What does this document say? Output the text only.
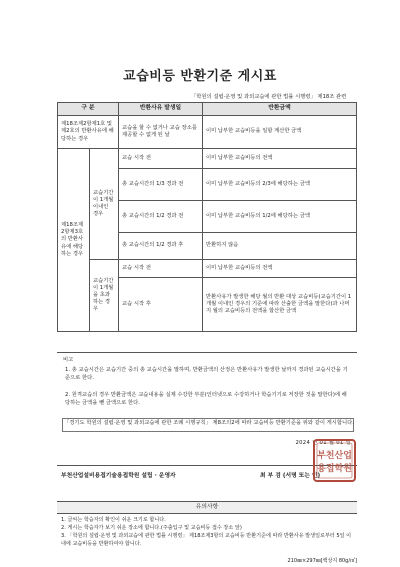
교습비등 반환기준 게시표
「학원의 설립·운영 및 과외교습에 관한 법률 시행령」 제18조 관련
구 분		반환사유 발생일	반환금액
제18조제2항제1호 및 제2호의 반환사유에 해당하는 경우		교습을 할 수 없거나 교습 장소를 제공할 수 없게 된 날	이미 납부한 교습비등을 일할 계산한 금액
제18조제2항제3호의 반환사유에 해당하는 경우	교습기간이 1개월 이내인 경우	교습 시작 전	이미 납부한 교습비등의 전액
		총 교습시간의 1/3 경과 전	이미 납부한 교습비등의 2/3에 해당하는 금액
		총 교습시간의 1/2 경과 전	이미 납부한 교습비등의 1/2에 해당하는 금액
		총 교습시간의 1/2 경과 후	반환하지 않음
	교습기간이 1개월을 초과하는 경우	교습 시작 전	이미 납부한 교습비등의 전액
		교습 시작 후	반환사유가 발생한 해당 월의 반환 대상 교습비등(교습기간이 1개월 이내인 경우의 기준에 따라 산출한 금액을 말한다)과 나머지 월의 교습비등의 전액을 합산한 금액
비고
1. 총 교습시간은 교습기간 중의 총 교습시간을 말하며, 반환금액의 산정은 반환사유가 발생한 날까지 경과된 교습시간을 기준으로 한다.
2. 원격교습의 경우 반환금액은 교습내용을 실제 수강한 부분(인터넷으로 수강하거나 학습기기로 저장한 것을 말한다)에 해당하는 금액을 뺀 금액으로 한다.
「경기도 학원의 설립·운영 및 과외교습에 관한 조례 시행규칙」 제8조의2에 따라 교습비등 반환기준을 위와 같이 게시합니다.
2024 년 01 월 01 일
부천산업설비용접기술용접학원 설립 · 운영자	최 부 검 (서명 또는 인)
부천산업
용접학원
유의사항
1. 글씨는 학습자의 확인이 쉬운 크기로 합니다.
2. 게시는 학습자가 보기 쉬운 장소에 합니다.(주출입구 및 교습비등 접수 장소 앞)
3. 「학원의 설립·운영 및 과외교습에 관한 법률 시행령」 제18조제3항의 교습비등 반환기준에 따라 반환사유 발생일로부터 5일 이내에 교습비등을 반환하여야 합니다.
210㎜×297㎜[백상지 80g/㎡]
